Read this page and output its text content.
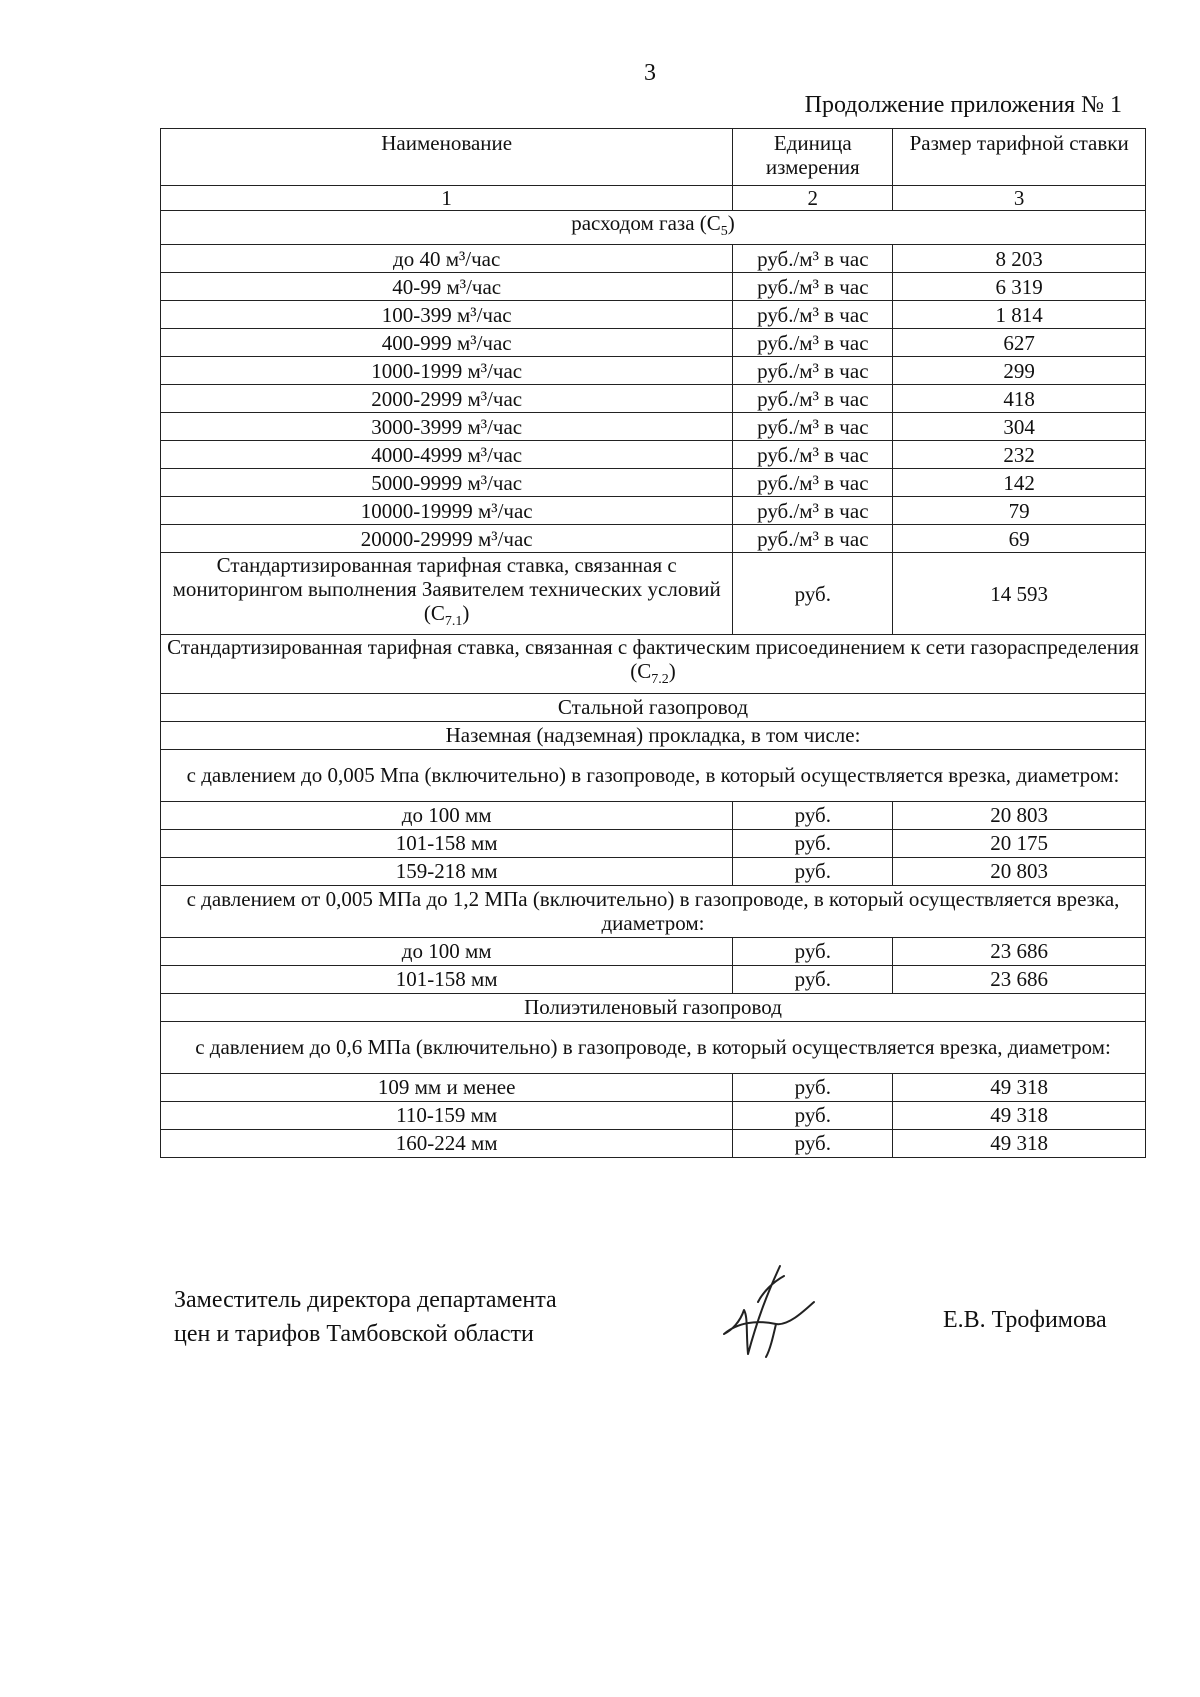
3
Продолжение приложения № 1
Наименование	Единица измерения	Размер тарифной ставки
1	2	3
расходом газа $(С_5)$		
до 40 м³/час	руб./м³ в час	8 203
40-99 м³/час	руб./м³ в час	6 319
100-399 м³/час	руб./м³ в час	1 814
400-999 м³/час	руб./м³ в час	627
1000-1999 м³/час	руб./м³ в час	299
2000-2999 м³/час	руб./м³ в час	418
3000-3999 м³/час	руб./м³ в час	304
4000-4999 м³/час	руб./м³ в час	232
5000-9999 м³/час	руб./м³ в час	142
10000-19999 м³/час	руб./м³ в час	79
20000-29999 м³/час	руб./м³ в час	69
Стандартизированная тарифная ставка, связанная с мониторингом выполнения Заявителем технических условий $(С_{7.1})$	руб.	14 593
Стандартизированная тарифная ставка, связанная с фактическим присоединением к сети газораспределения $(С_{7.2})$		
Стальной газопровод		
Наземная (надземная) прокладка, в том числе:		
с давлением до 0,005 Мпа (включительно) в газопроводе, в который осуществляется врезка, диаметром:		
до 100 мм	руб.	20 803
101-158 мм	руб.	20 175
159-218 мм	руб.	20 803
с давлением от 0,005 МПа до 1,2 МПа (включительно) в газопроводе, в который осуществляется врезка, диаметром:		
до 100 мм	руб.	23 686
101-158 мм	руб.	23 686
Полиэтиленовый газопровод		
с давлением до 0,6 МПа (включительно) в газопроводе, в который осуществляется врезка, диаметром:		
109 мм и менее	руб.	49 318
110-159 мм	руб.	49 318
160-224 мм	руб.	49 318
Заместитель директора департамента
цен и тарифов Тамбовской области
Е.В. Трофимова
